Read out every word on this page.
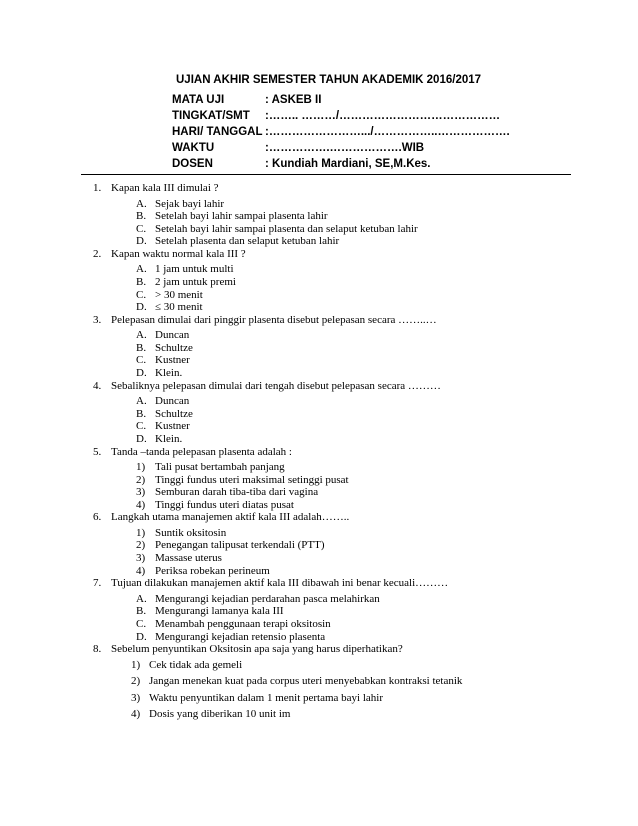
UJIAN AKHIR SEMESTER TAHUN AKADEMIK 2016/2017
MATA UJI	: ASKEB II
TINGKAT/SMT :…….. ………/……………………………………
HARI/ TANGGAL :…………………….../……………..……………….
WAKTU	:…………….……………….WIB
DOSEN	: Kundiah Mardiani, SE,M.Kes.
1. Kapan kala III dimulai ?
A. Sejak bayi lahir
B. Setelah bayi lahir sampai plasenta lahir
C. Setelah bayi lahir sampai plasenta dan selaput ketuban lahir
D. Setelah plasenta dan selaput ketuban lahir
2. Kapan waktu normal kala III ?
A. 1 jam untuk multi
B. 2 jam untuk premi
C. > 30 menit
D. ≤ 30 menit
3. Pelepasan dimulai dari pinggir plasenta disebut pelepasan secara ……..…
A. Duncan
B. Schultze
C. Kustner
D. Klein.
4. Sebaliknya pelepasan dimulai dari tengah disebut pelepasan secara ………
A. Duncan
B. Schultze
C. Kustner
D. Klein.
5. Tanda –tanda pelepasan plasenta adalah :
1) Tali pusat bertambah panjang
2) Tinggi fundus uteri maksimal setinggi pusat
3) Semburan darah tiba-tiba dari vagina
4) Tinggi fundus uteri diatas pusat
6. Langkah utama manajemen aktif kala III adalah……..
1) Suntik oksitosin
2) Penegangan talipusat terkendali (PTT)
3) Massase uterus
4) Periksa robekan perineum
7. Tujuan dilakukan manajemen aktif kala III dibawah ini benar kecuali………
A. Mengurangi kejadian perdarahan pasca melahirkan
B. Mengurangi lamanya kala III
C. Menambah penggunaan terapi oksitosin
D. Mengurangi kejadian retensio plasenta
8. Sebelum penyuntikan Oksitosin apa saja yang harus diperhatikan?
1) Cek tidak ada gemeli
2) Jangan menekan kuat pada corpus uteri menyebabkan kontraksi tetanik
3) Waktu penyuntikan dalam 1 menit pertama bayi lahir
4) Dosis yang diberikan 10 unit im
